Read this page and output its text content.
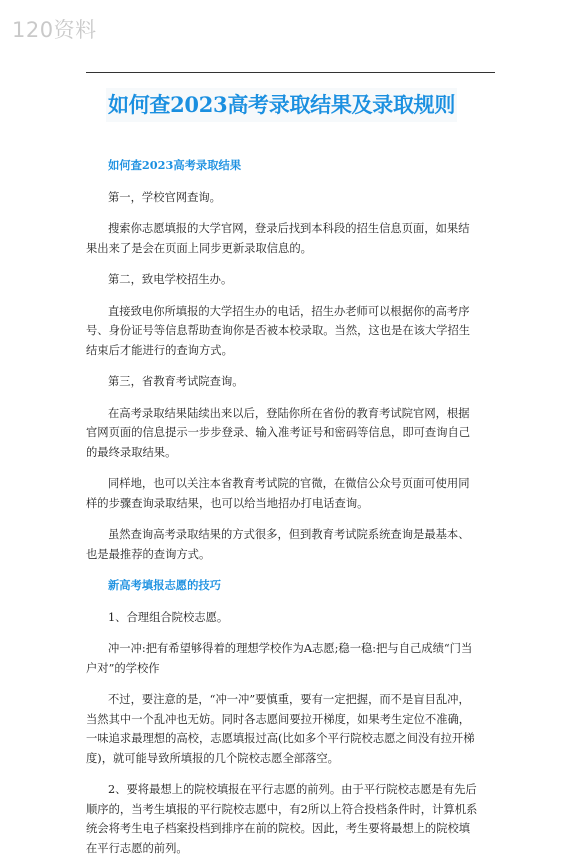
120资料
如何查2023高考录取结果及录取规则

如何查2023高考录取结果

第一，学校官网查询。

搜索你志愿填报的大学官网，登录后找到本科段的招生信息页面，如果结果出来了是会在页面上同步更新录取信息的。

第二，致电学校招生办。

直接致电你所填报的大学招生办的电话，招生办老师可以根据你的高考序号、身份证号等信息帮助查询你是否被本校录取。当然，这也是在该大学招生结束后才能进行的查询方式。

第三，省教育考试院查询。

在高考录取结果陆续出来以后，登陆你所在省份的教育考试院官网，根据官网页面的信息提示一步步登录、输入准考证号和密码等信息，即可查询自己的最终录取结果。

同样地，也可以关注本省教育考试院的官微，在微信公众号页面可使用同样的步骤查询录取结果，也可以给当地招办打电话查询。

虽然查询高考录取结果的方式很多，但到教育考试院系统查询是最基本、也是最推荐的查询方式。

新高考填报志愿的技巧

1、合理组合院校志愿。

冲一冲:把有希望够得着的理想学校作为A志愿;稳一稳:把与自己成绩“门当户对”的学校作

不过，要注意的是，“冲一冲”要慎重，要有一定把握，而不是盲目乱冲，当然其中一个乱冲也无妨。同时各志愿间要拉开梯度，如果考生定位不准确，一味追求最理想的高校，志愿填报过高(比如多个平行院校志愿之间没有拉开梯度)，就可能导致所填报的几个院校志愿全部落空。

2、要将最想上的院校填报在平行志愿的前列。由于平行院校志愿是有先后顺序的，当考生填报的平行院校志愿中，有2所以上符合投档条件时，计算机系统会将考生电子档案投档到排序在前的院校。因此，考生要将最想上的院校填在平行志愿的前列。
